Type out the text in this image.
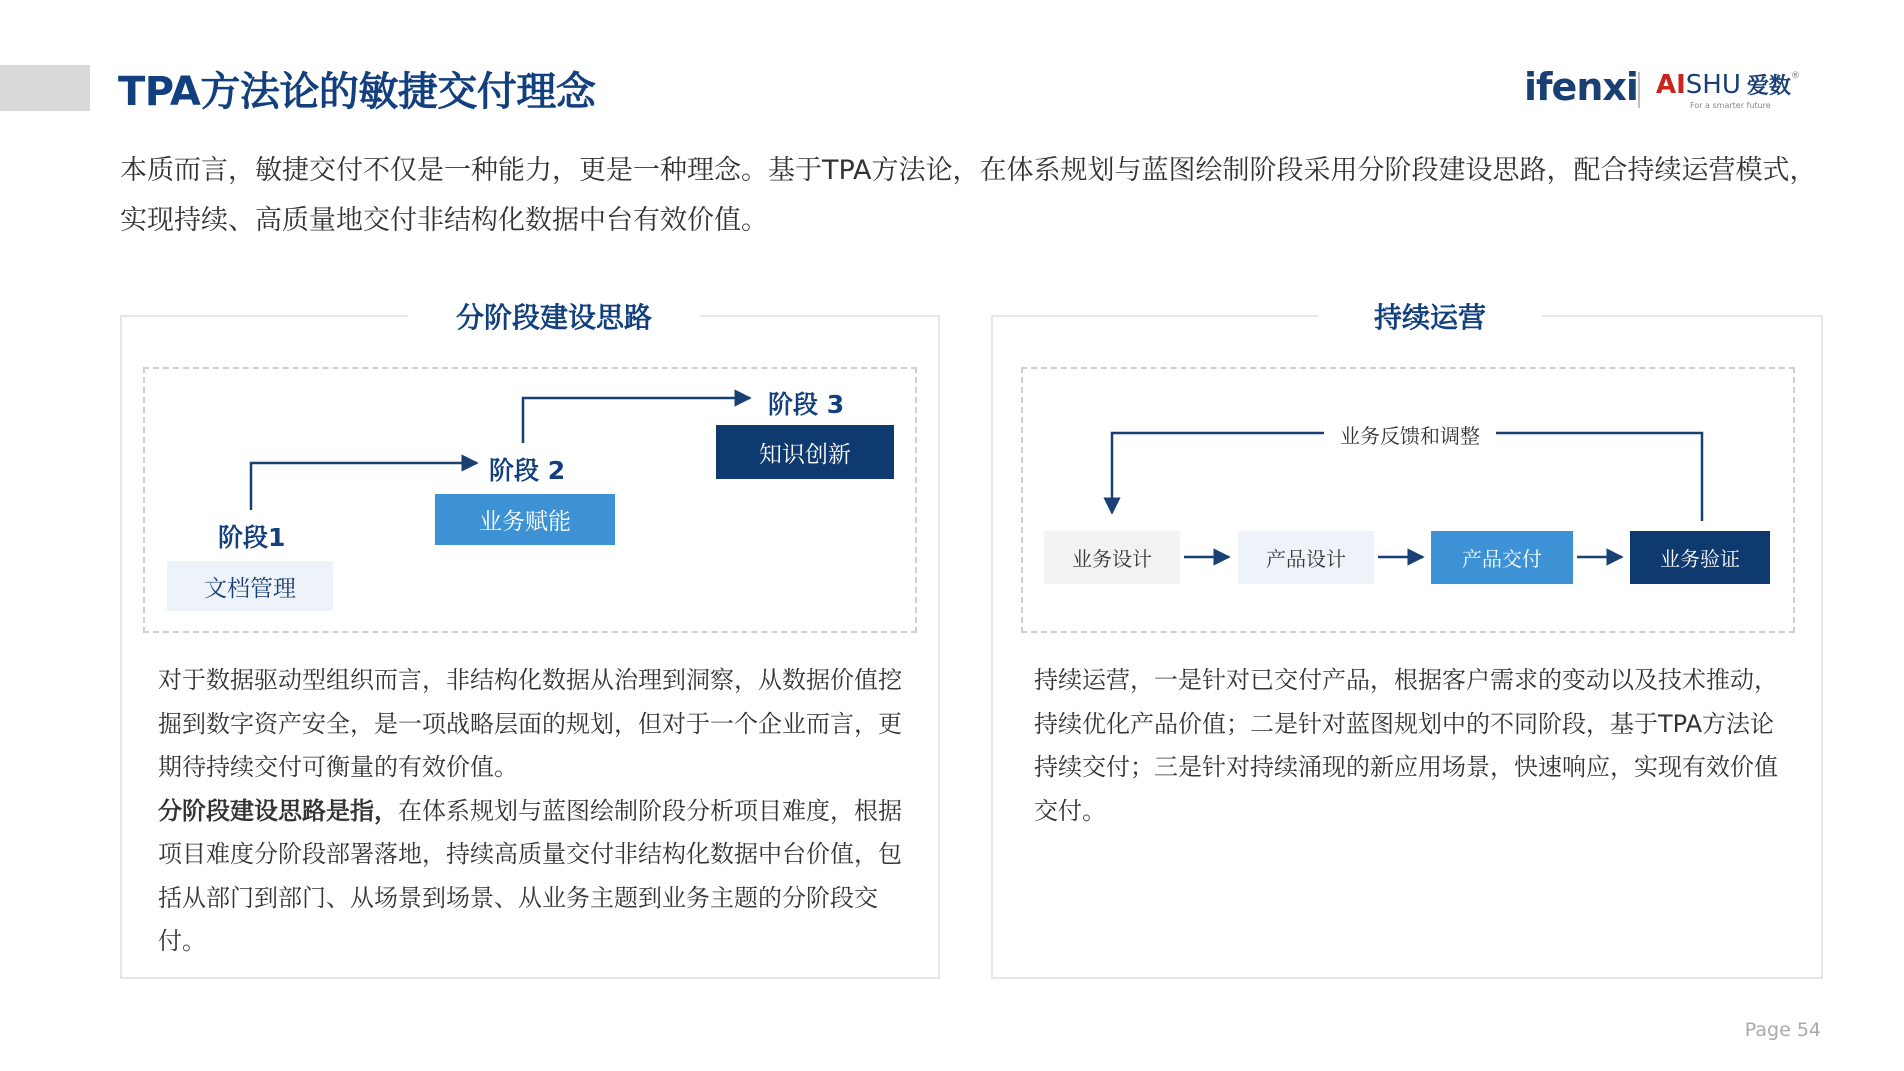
TPA方法论的敏捷交付理念	ifenxi AISHU 爱数®
For a smarter future
本质而言，敏捷交付不仅是一种能力，更是一种理念。基于TPA方法论，在体系规划与蓝图绘制阶段采用分阶段建设思路，配合持续运营模式，实现持续、高质量地交付非结构化数据中台有效价值。
分阶段建设思路
阶段1
文档管理
阶段 2
业务赋能
阶段 3
知识创新
对于数据驱动型组织而言，非结构化数据从治理到洞察，从数据价值挖掘到数字资产安全，是一项战略层面的规划，但对于一个企业而言，更期待持续交付可衡量的有效价值。
分阶段建设思路是指，在体系规划与蓝图绘制阶段分析项目难度，根据项目难度分阶段部署落地，持续高质量交付非结构化数据中台价值，包括从部门到部门、从场景到场景、从业务主题到业务主题的分阶段交付。
持续运营
业务反馈和调整
业务设计	产品设计	产品交付	业务验证
持续运营，一是针对已交付产品，根据客户需求的变动以及技术推动，持续优化产品价值；二是针对蓝图规划中的不同阶段，基于TPA方法论持续交付；三是针对持续涌现的新应用场景，快速响应，实现有效价值交付。
Page 54
